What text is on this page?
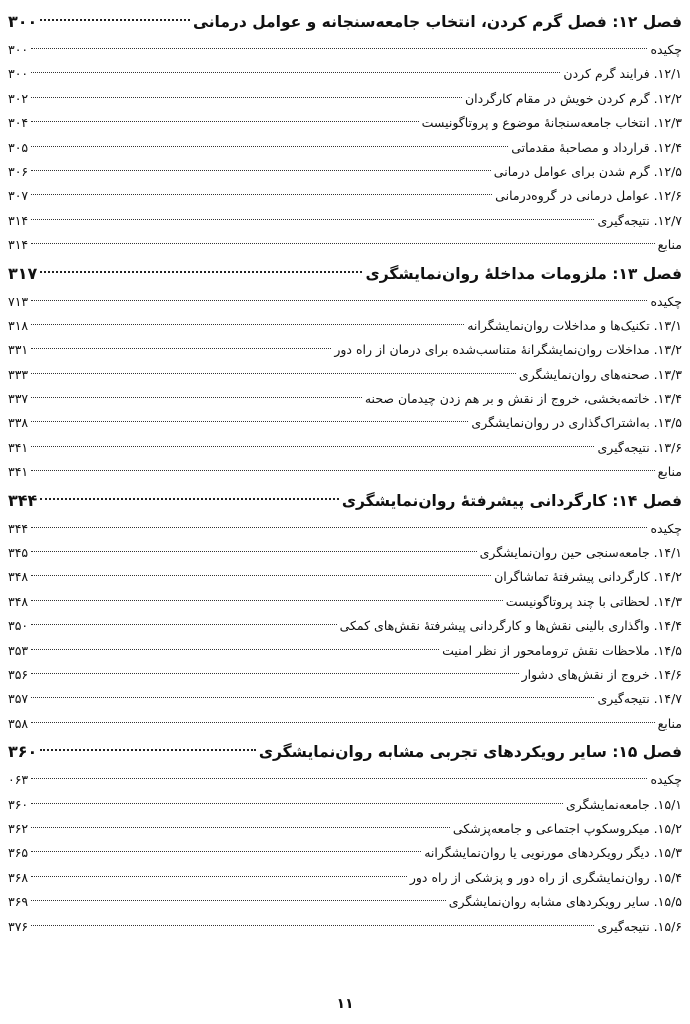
فصل ۱۲: فصل گرم کردن، انتخاب جامعه‌سنجانه و عوامل درمانی
۳۰۰
چکیده
۳۰۰
۱۲/۱. فرایند گرم کردن
۳۰۰
۱۲/۲. گرم کردن خویش در مقام کارگردان
۳۰۲
۱۲/۳. انتخاب جامعه‌سنجانهٔ موضوع و پروتاگونیست
۳۰۴
۱۲/۴. قرارداد و مصاحبهٔ مقدماتی
۳۰۵
۱۲/۵. گرم شدن برای عوامل درمانی
۳۰۶
۱۲/۶. عوامل درمانی در گروه‌درمانی
۳۰۷
۱۲/۷. نتیجه‌گیری
۳۱۴
منابع
۳۱۴
فصل ۱۳: ملزومات مداخلهٔ روان‌نمایشگری
۳۱۷
چکیده
۷۱۳
۱۳/۱. تکنیک‌ها و مداخلات روان‌نمایشگرانه
۳۱۸
۱۳/۲. مداخلات روان‌نمایشگرانهٔ متناسب‌شده برای درمان از راه دور
۳۳۱
۱۳/۳. صحنه‌های روان‌نمایشگری
۳۳۳
۱۳/۴. خاتمه‌بخشی، خروج از نقش و بر هم زدن چیدمان صحنه
۳۳۷
۱۳/۵. به‌اشتراک‌گذاری در روان‌نمایشگری
۳۳۸
۱۳/۶. نتیجه‌گیری
۳۴۱
منابع
۳۴۱
فصل ۱۴: کارگردانی پیشرفتهٔ روان‌نمایشگری
۳۴۴
چکیده
۳۴۴
۱۴/۱. جامعه‌سنجی حین روان‌نمایشگری
۳۴۵
۱۴/۲. کارگردانی پیشرفتهٔ تماشاگران
۳۴۸
۱۴/۳. لحظاتی با چند پروتاگونیست
۳۴۸
۱۴/۴. واگذاری بالینی نقش‌ها و کارگردانی پیشرفتهٔ نقش‌های کمکی
۳۵۰
۱۴/۵. ملاحظات نقش ترومامحور از نظر امنیت
۳۵۳
۱۴/۶. خروج از نقش‌های دشوار
۳۵۶
۱۴/۷. نتیجه‌گیری
۳۵۷
منابع
۳۵۸
فصل ۱۵: سایر رویکردهای تجربی مشابه روان‌نمایشگری
۳۶۰
چکیده
۰۶۳
۱۵/۱. جامعه‌نمایشگری
۳۶۰
۱۵/۲. میکروسکوپ اجتماعی و جامعه‌پزشکی
۳۶۲
۱۵/۳. دیگر رویکردهای مورنویی یا روان‌نمایشگرانه
۳۶۵
۱۵/۴. روان‌نمایشگری از راه دور و پزشکی از راه دور
۳۶۸
۱۵/۵. سایر رویکردهای مشابه روان‌نمایشگری
۳۶۹
۱۵/۶. نتیجه‌گیری
۳۷۶
۱۱
